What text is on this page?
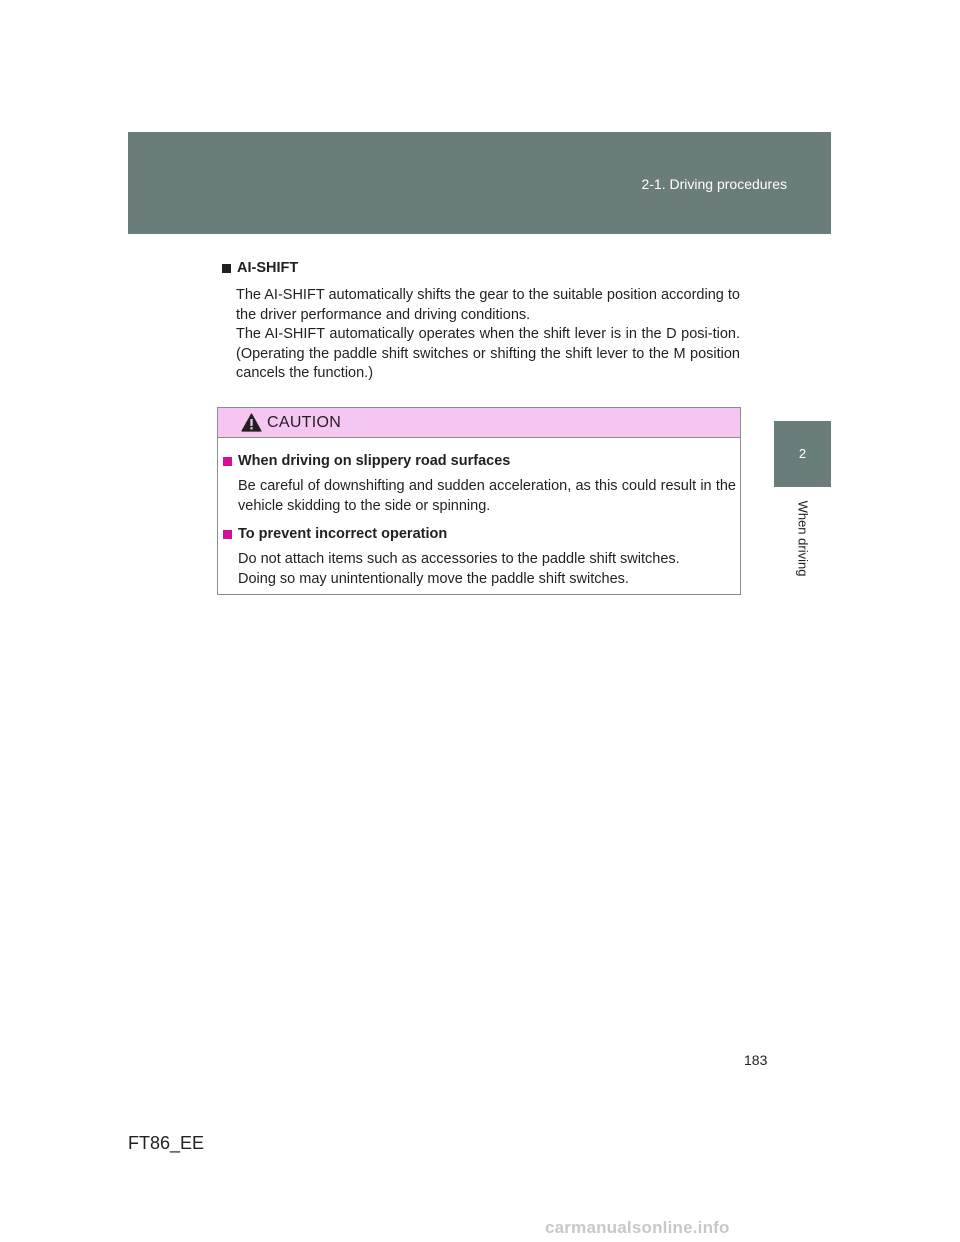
2-1. Driving procedures
2
When driving
AI-SHIFT

The AI-SHIFT automatically shifts the gear to the suitable position according to the driver performance and driving conditions.

The AI-SHIFT automatically operates when the shift lever is in the D posi-tion. (Operating the paddle shift switches or shifting the shift lever to the M position cancels the function.)

CAUTION
When driving on slippery road surfaces

Be careful of downshifting and sudden acceleration, as this could result in the vehicle skidding to the side or spinning.

To prevent incorrect operation

Do not attach items such as accessories to the paddle shift switches.

Doing so may unintentionally move the paddle shift switches.

183
FT86_EE
carmanualsonline.info
